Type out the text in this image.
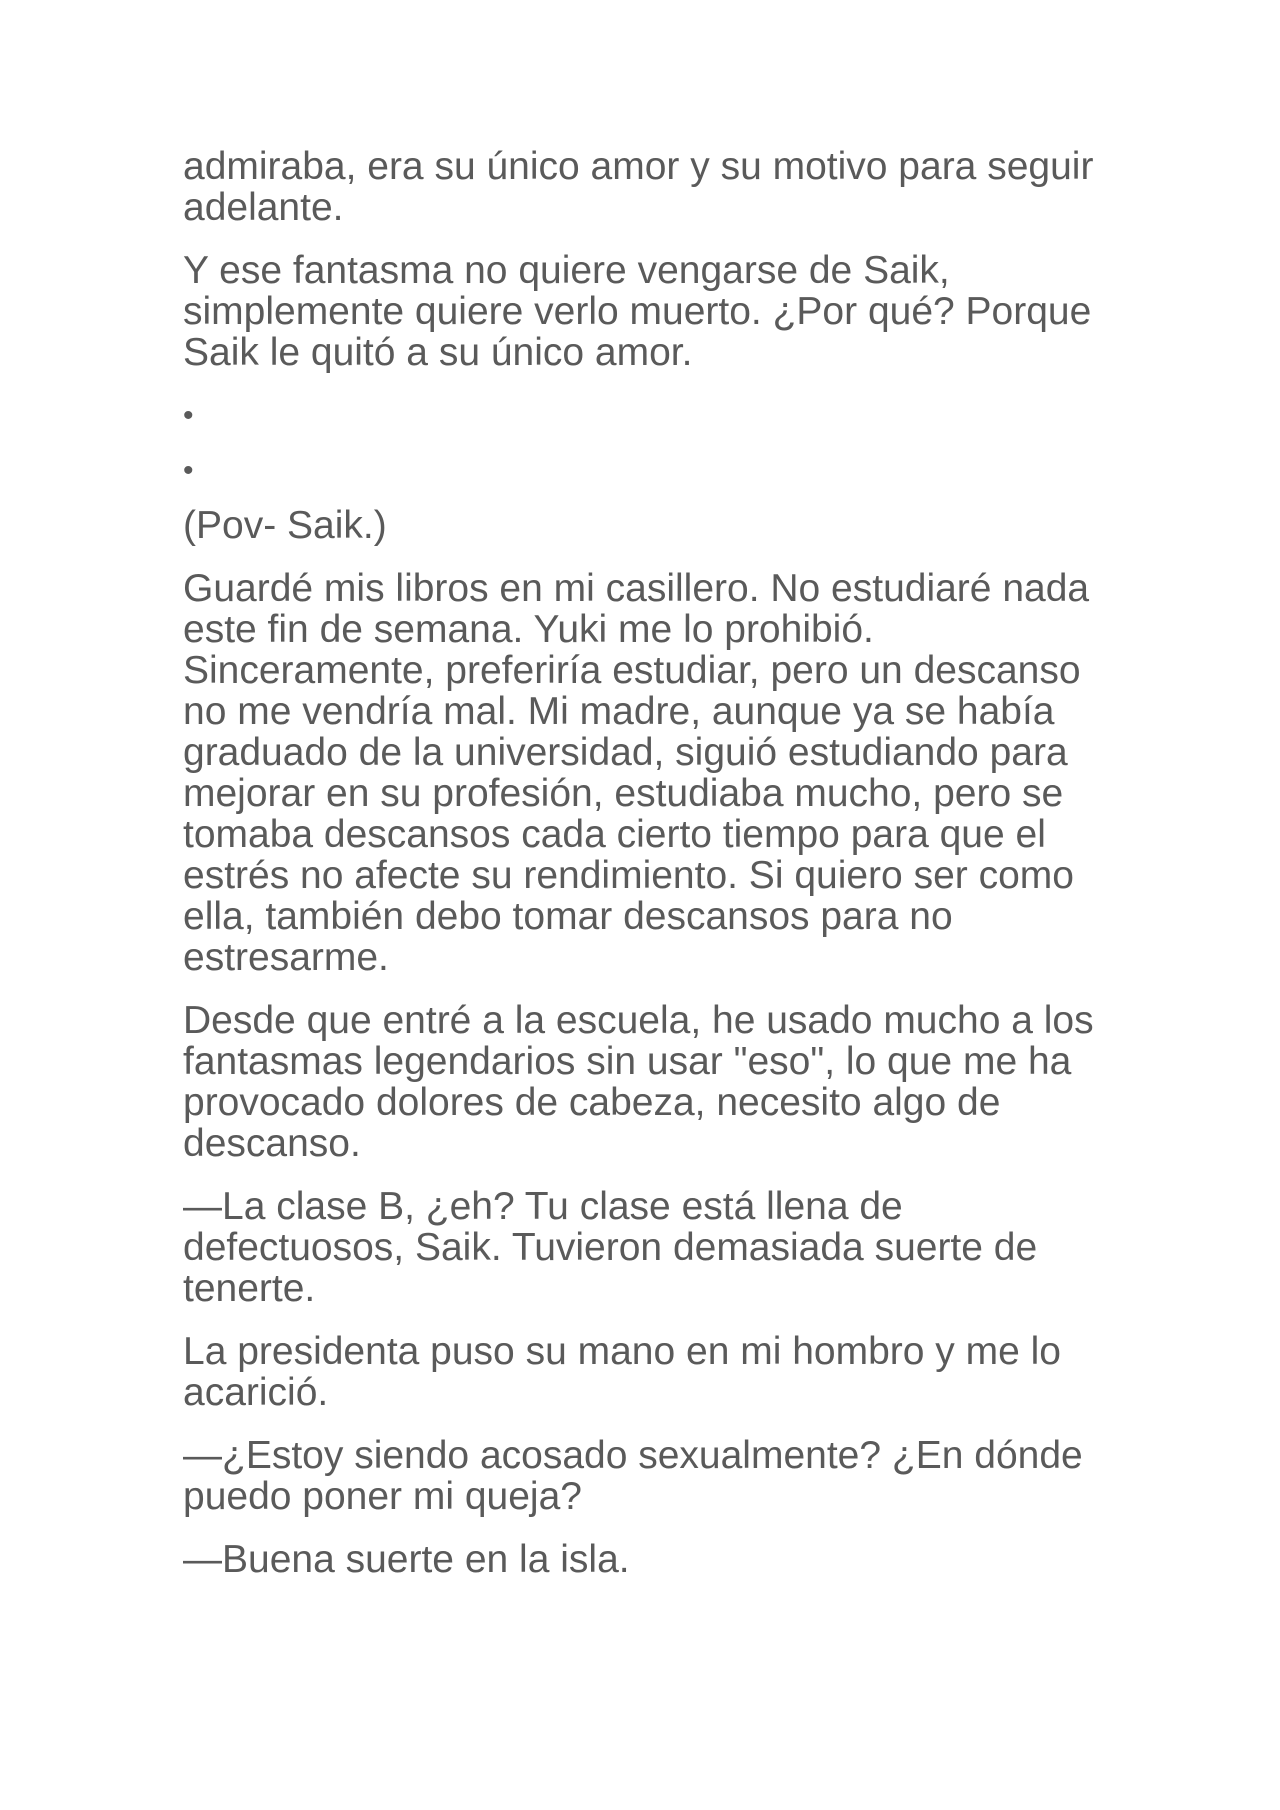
admiraba, era su único amor y su motivo para seguir adelante.

Y ese fantasma no quiere vengarse de Saik, simplemente quiere verlo muerto. ¿Por qué? Porque Saik le quitó a su único amor.

•
•

(Pov- Saik.)

Guardé mis libros en mi casillero. No estudiaré nada este fin de semana. Yuki me lo prohibió. Sinceramente, preferiría estudiar, pero un descanso no me vendría mal. Mi madre, aunque ya se había graduado de la universidad, siguió estudiando para mejorar en su profesión, estudiaba mucho, pero se tomaba descansos cada cierto tiempo para que el estrés no afecte su rendimiento. Si quiero ser como ella, también debo tomar descansos para no estresarme.

Desde que entré a la escuela, he usado mucho a los fantasmas legendarios sin usar "eso", lo que me ha provocado dolores de cabeza, necesito algo de descanso.

—La clase B, ¿eh? Tu clase está llena de defectuosos, Saik. Tuvieron demasiada suerte de tenerte.

La presidenta puso su mano en mi hombro y me lo acarició.

—¿Estoy siendo acosado sexualmente? ¿En dónde puedo poner mi queja?

—Buena suerte en la isla.
